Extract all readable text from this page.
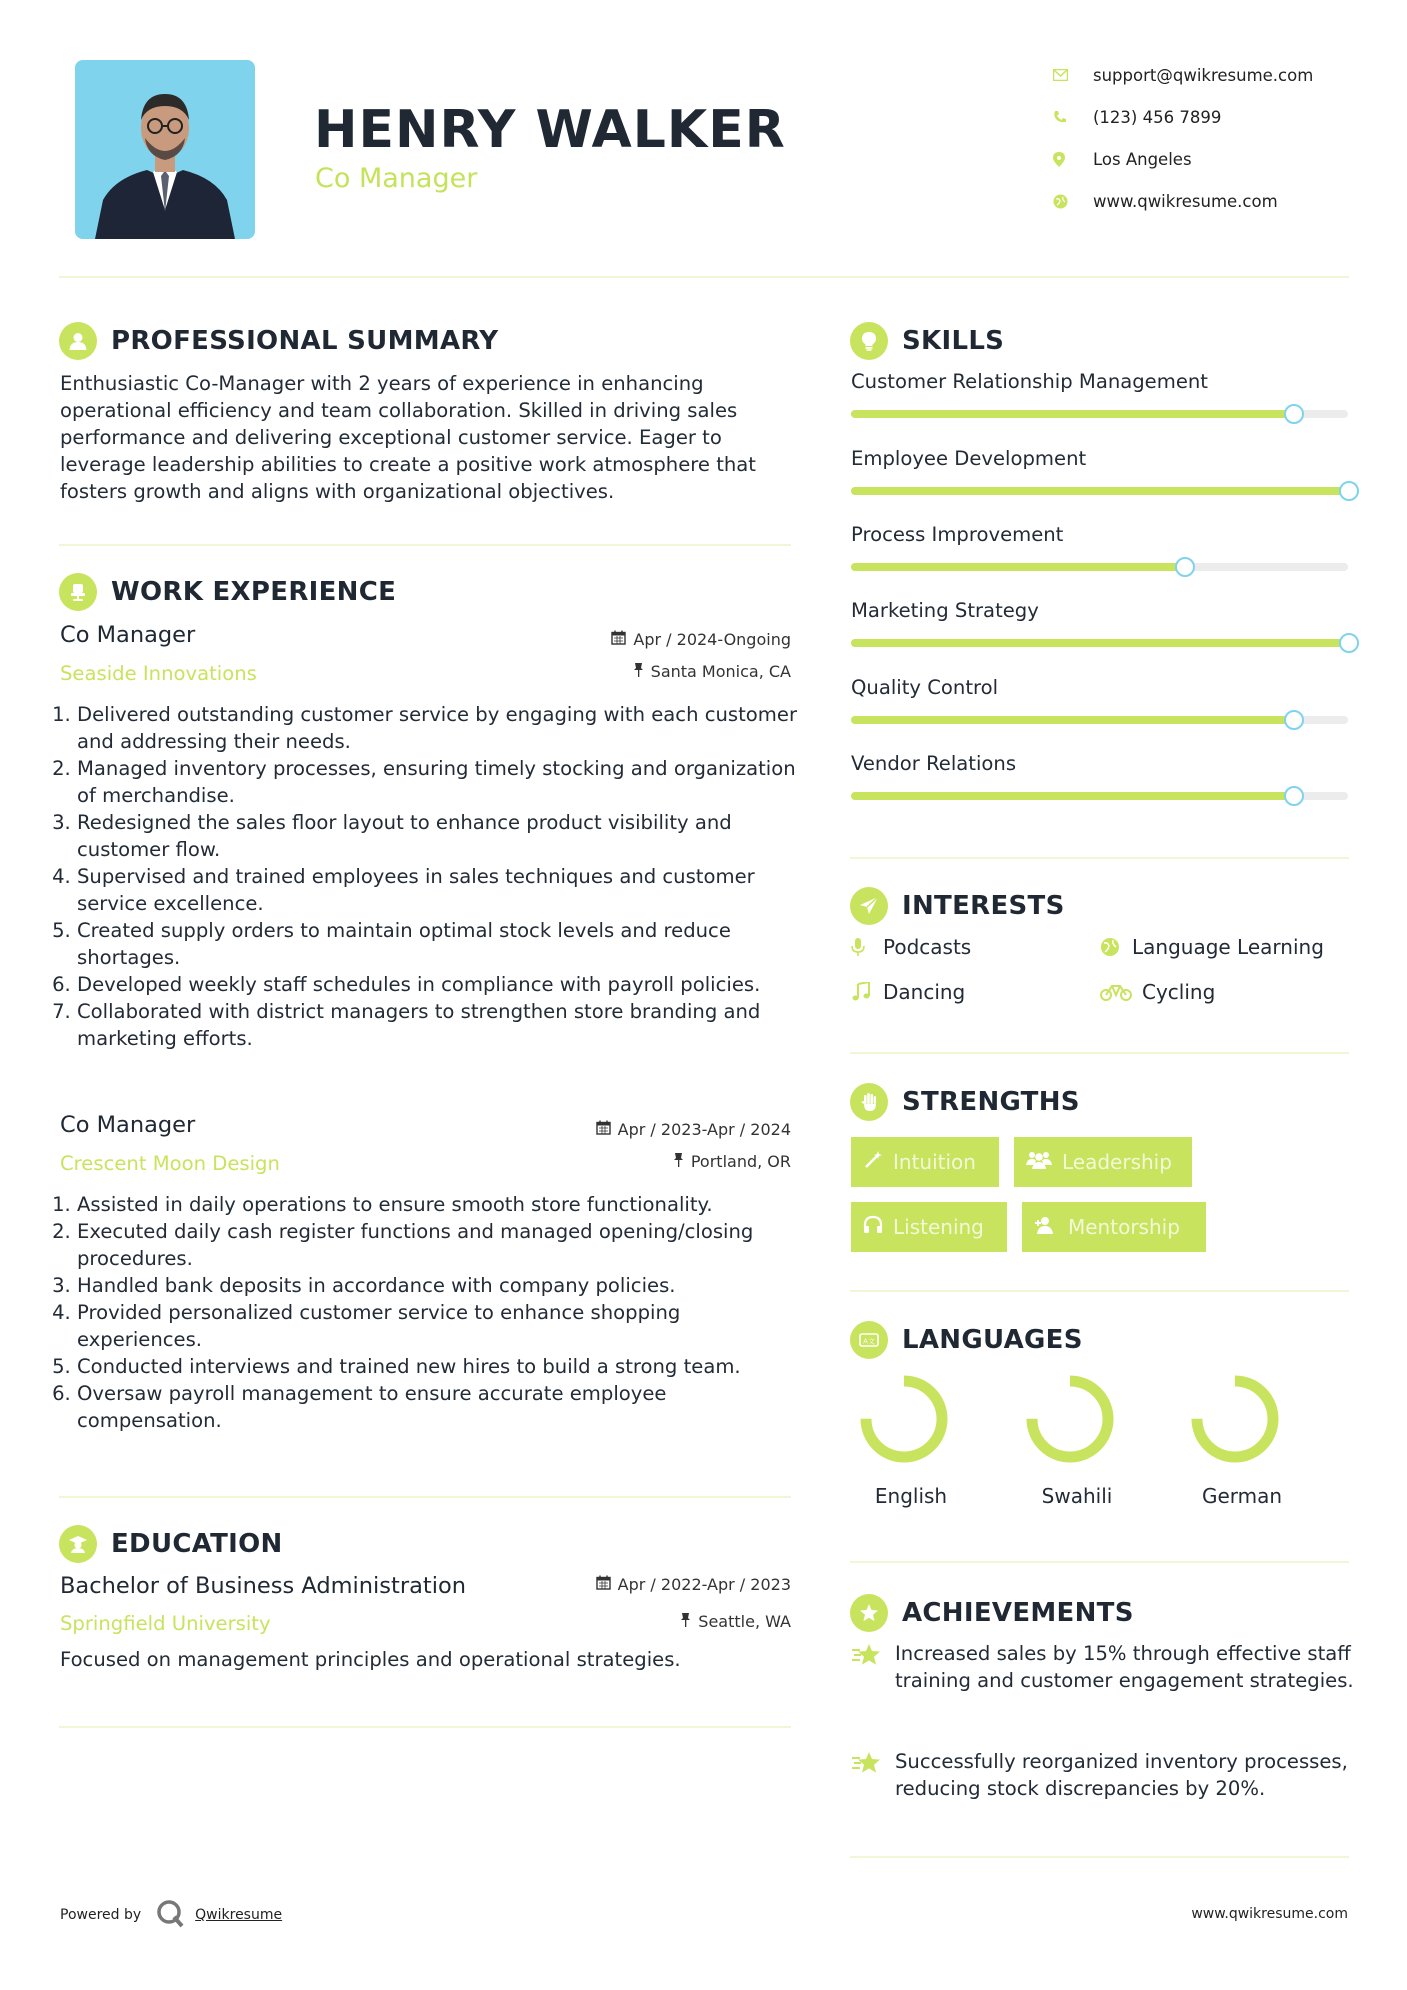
HENRY WALKER
Co Manager
support@qwikresume.com
(123) 456 7899
Los Angeles
www.qwikresume.com
PROFESSIONAL SUMMARY
Enthusiastic Co-Manager with 2 years of experience in enhancing operational efficiency and team collaboration. Skilled in driving sales performance and delivering exceptional customer service. Eager to leverage leadership abilities to create a positive work atmosphere that fosters growth and aligns with organizational objectives.
WORK EXPERIENCE
Co Manager	Apr / 2024-Ongoing
Seaside Innovations	Santa Monica, CA
1. Delivered outstanding customer service by engaging with each customer and addressing their needs.
2. Managed inventory processes, ensuring timely stocking and organization of merchandise.
3. Redesigned the sales floor layout to enhance product visibility and customer flow.
4. Supervised and trained employees in sales techniques and customer service excellence.
5. Created supply orders to maintain optimal stock levels and reduce shortages.
6. Developed weekly staff schedules in compliance with payroll policies.
7. Collaborated with district managers to strengthen store branding and marketing efforts.
Co Manager	Apr / 2023-Apr / 2024
Crescent Moon Design	Portland, OR
1. Assisted in daily operations to ensure smooth store functionality.
2. Executed daily cash register functions and managed opening/closing procedures.
3. Handled bank deposits in accordance with company policies.
4. Provided personalized customer service to enhance shopping experiences.
5. Conducted interviews and trained new hires to build a strong team.
6. Oversaw payroll management to ensure accurate employee compensation.
EDUCATION
Bachelor of Business Administration	Apr / 2022-Apr / 2023
Springfield University	Seattle, WA
Focused on management principles and operational strategies.
SKILLS
Customer Relationship Management
Employee Development
Process Improvement
Marketing Strategy
Quality Control
Vendor Relations
INTERESTS
Podcasts	Language Learning
Dancing	Cycling
STRENGTHS
Intuition	Leadership
Listening	Mentorship
A文 LANGUAGES
English	Swahili	German
ACHIEVEMENTS
Increased sales by 15% through effective staff training and customer engagement strategies.
Successfully reorganized inventory processes, reducing stock discrepancies by 20%.
Powered by	Qwikresume	www.qwikresume.com
